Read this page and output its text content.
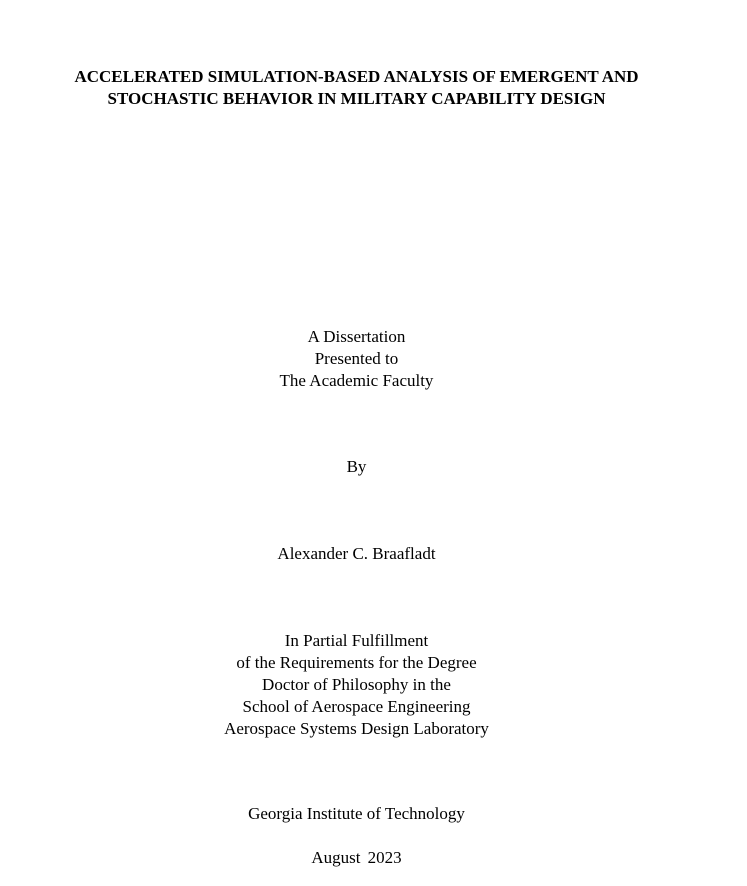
ACCELERATED SIMULATION-BASED ANALYSIS OF EMERGENT AND
STOCHASTIC BEHAVIOR IN MILITARY CAPABILITY DESIGN
A Dissertation
Presented to
The Academic Faculty
By
Alexander C. Braafladt
In Partial Fulfillment
of the Requirements for the Degree
Doctor of Philosophy in the
School of Aerospace Engineering
Aerospace Systems Design Laboratory
Georgia Institute of Technology
August 2023
